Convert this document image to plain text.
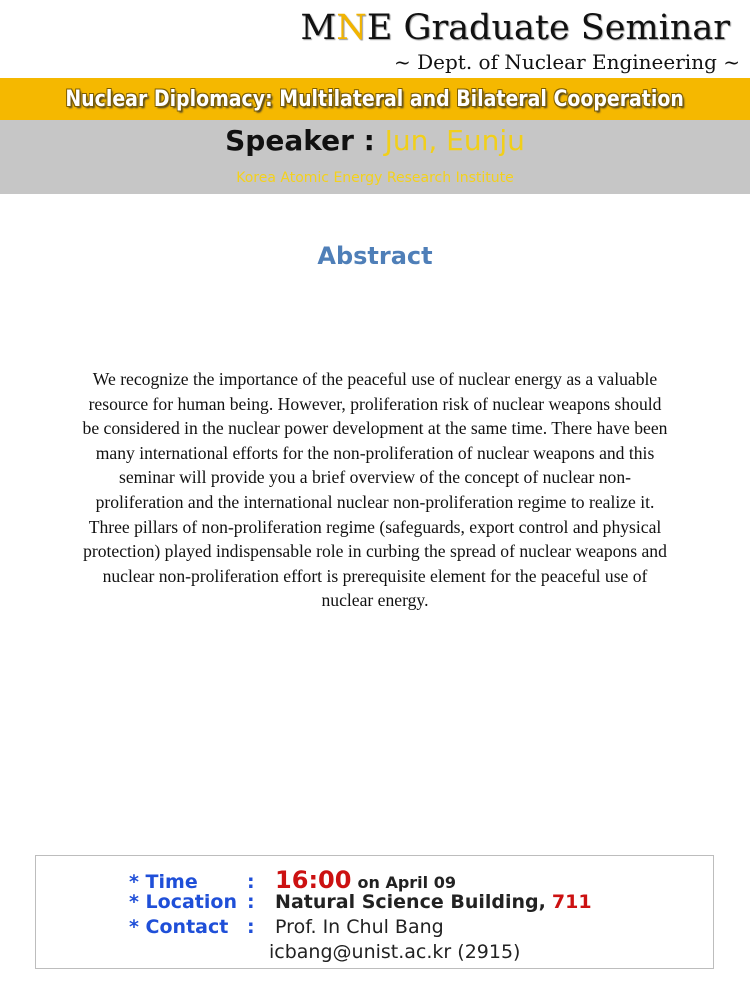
MNE Graduate Seminar
~ Dept. of Nuclear Engineering ~
Nuclear Diplomacy: Multilateral and Bilateral Cooperation
Speaker : Jun, Eunju
Korea Atomic Energy Research Institute
Abstract
We recognize the importance of the peaceful use of nuclear energy as a valuable
resource for human being. However, proliferation risk of nuclear weapons should
be considered in the nuclear power development at the same time. There have been
many international efforts for the non-proliferation of nuclear weapons and this
seminar will provide you a brief overview of the concept of nuclear non-
proliferation and the international nuclear non-proliferation regime to realize it.
Three pillars of non-proliferation regime (safeguards, export control and physical
protection) played indispensable role in curbing the spread of nuclear weapons and
nuclear non-proliferation effort is prerequisite element for the peaceful use of
nuclear energy.
* Time	: 16:00 on April 09
* Location : Natural Science Building, 711
* Contact : Prof. In Chul Bang
icbang@unist.ac.kr (2915)
